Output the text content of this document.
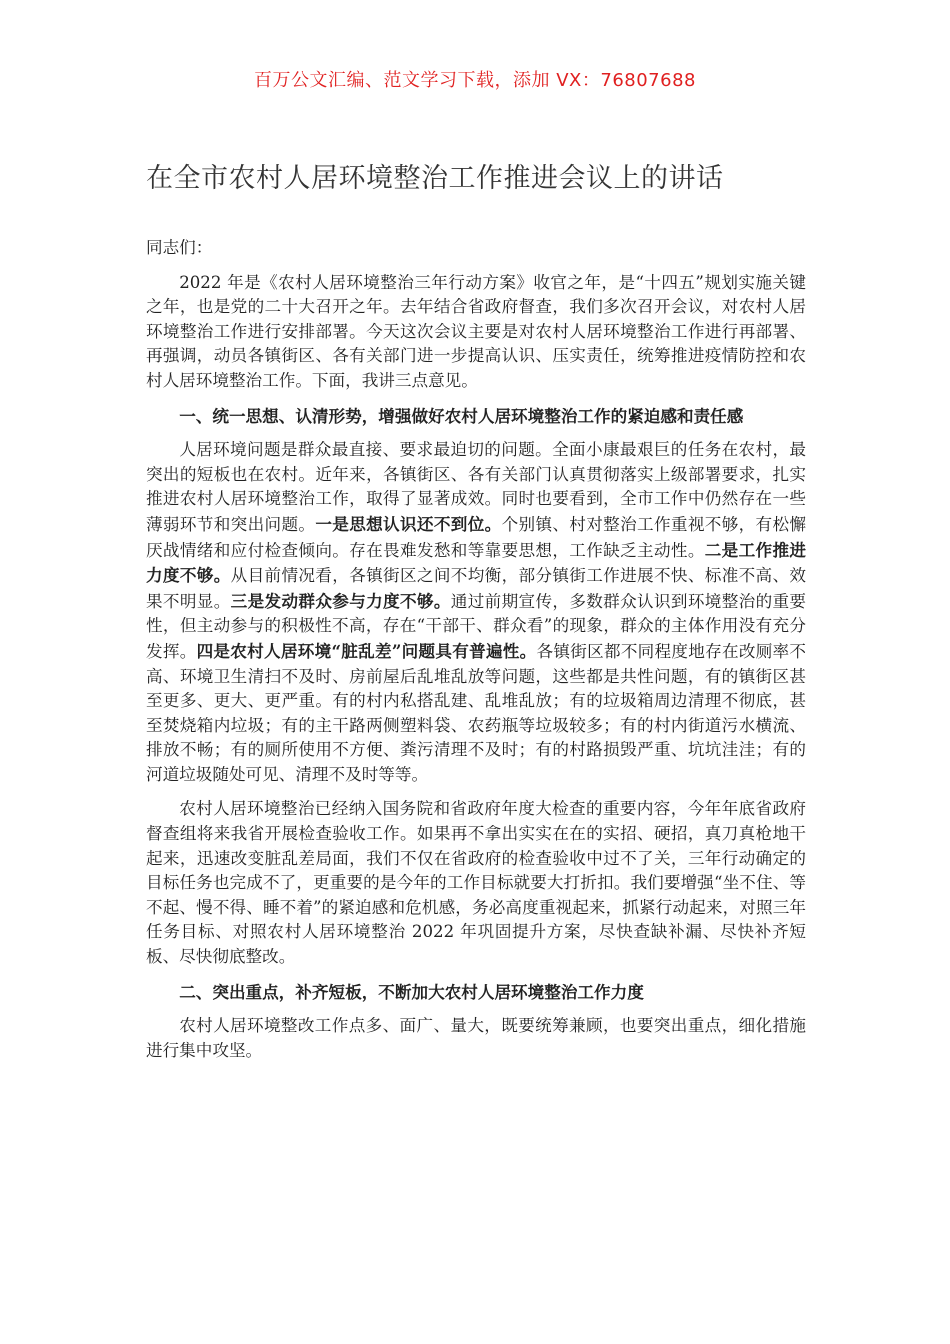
百万公文汇编、范文学习下载，添加 VX：76807688
在全市农村人居环境整治工作推进会议上的讲话

同志们：

2022 年是《农村人居环境整治三年行动方案》收官之年，是“十四五”规划实施关键之年，也是党的二十大召开之年。去年结合省政府督查，我们多次召开会议，对农村人居环境整治工作进行安排部署。今天这次会议主要是对农村人居环境整治工作进行再部署、再强调，动员各镇街区、各有关部门进一步提高认识、压实责任，统筹推进疫情防控和农村人居环境整治工作。下面，我讲三点意见。

一、统一思想、认清形势，增强做好农村人居环境整治工作的紧迫感和责任感

人居环境问题是群众最直接、要求最迫切的问题。全面小康最艰巨的任务在农村，最突出的短板也在农村。近年来，各镇街区、各有关部门认真贯彻落实上级部署要求，扎实推进农村人居环境整治工作，取得了显著成效。同时也要看到，全市工作中仍然存在一些薄弱环节和突出问题。一是思想认识还不到位。个别镇、村对整治工作重视不够，有松懈厌战情绪和应付检查倾向。存在畏难发愁和等靠要思想，工作缺乏主动性。二是工作推进力度不够。从目前情况看，各镇街区之间不均衡，部分镇街工作进展不快、标准不高、效果不明显。三是发动群众参与力度不够。通过前期宣传，多数群众认识到环境整治的重要性，但主动参与的积极性不高，存在“干部干、群众看”的现象，群众的主体作用没有充分发挥。四是农村人居环境“脏乱差”问题具有普遍性。各镇街区都不同程度地存在改厕率不高、环境卫生清扫不及时、房前屋后乱堆乱放等问题，这些都是共性问题，有的镇街区甚至更多、更大、更严重。有的村内私搭乱建、乱堆乱放；有的垃圾箱周边清理不彻底，甚至焚烧箱内垃圾；有的主干路两侧塑料袋、农药瓶等垃圾较多；有的村内街道污水横流、排放不畅；有的厕所使用不方便、粪污清理不及时；有的村路损毁严重、坑坑洼洼；有的河道垃圾随处可见、清理不及时等等。

农村人居环境整治已经纳入国务院和省政府年度大检查的重要内容，今年年底省政府督查组将来我省开展检查验收工作。如果再不拿出实实在在的实招、硬招，真刀真枪地干起来，迅速改变脏乱差局面，我们不仅在省政府的检查验收中过不了关，三年行动确定的目标任务也完成不了，更重要的是今年的工作目标就要大打折扣。我们要增强“坐不住、等不起、慢不得、睡不着”的紧迫感和危机感，务必高度重视起来，抓紧行动起来，对照三年任务目标、对照农村人居环境整治 2022 年巩固提升方案，尽快查缺补漏、尽快补齐短板、尽快彻底整改。

二、突出重点，补齐短板，不断加大农村人居环境整治工作力度

农村人居环境整改工作点多、面广、量大，既要统筹兼顾，也要突出重点，细化措施进行集中攻坚。
